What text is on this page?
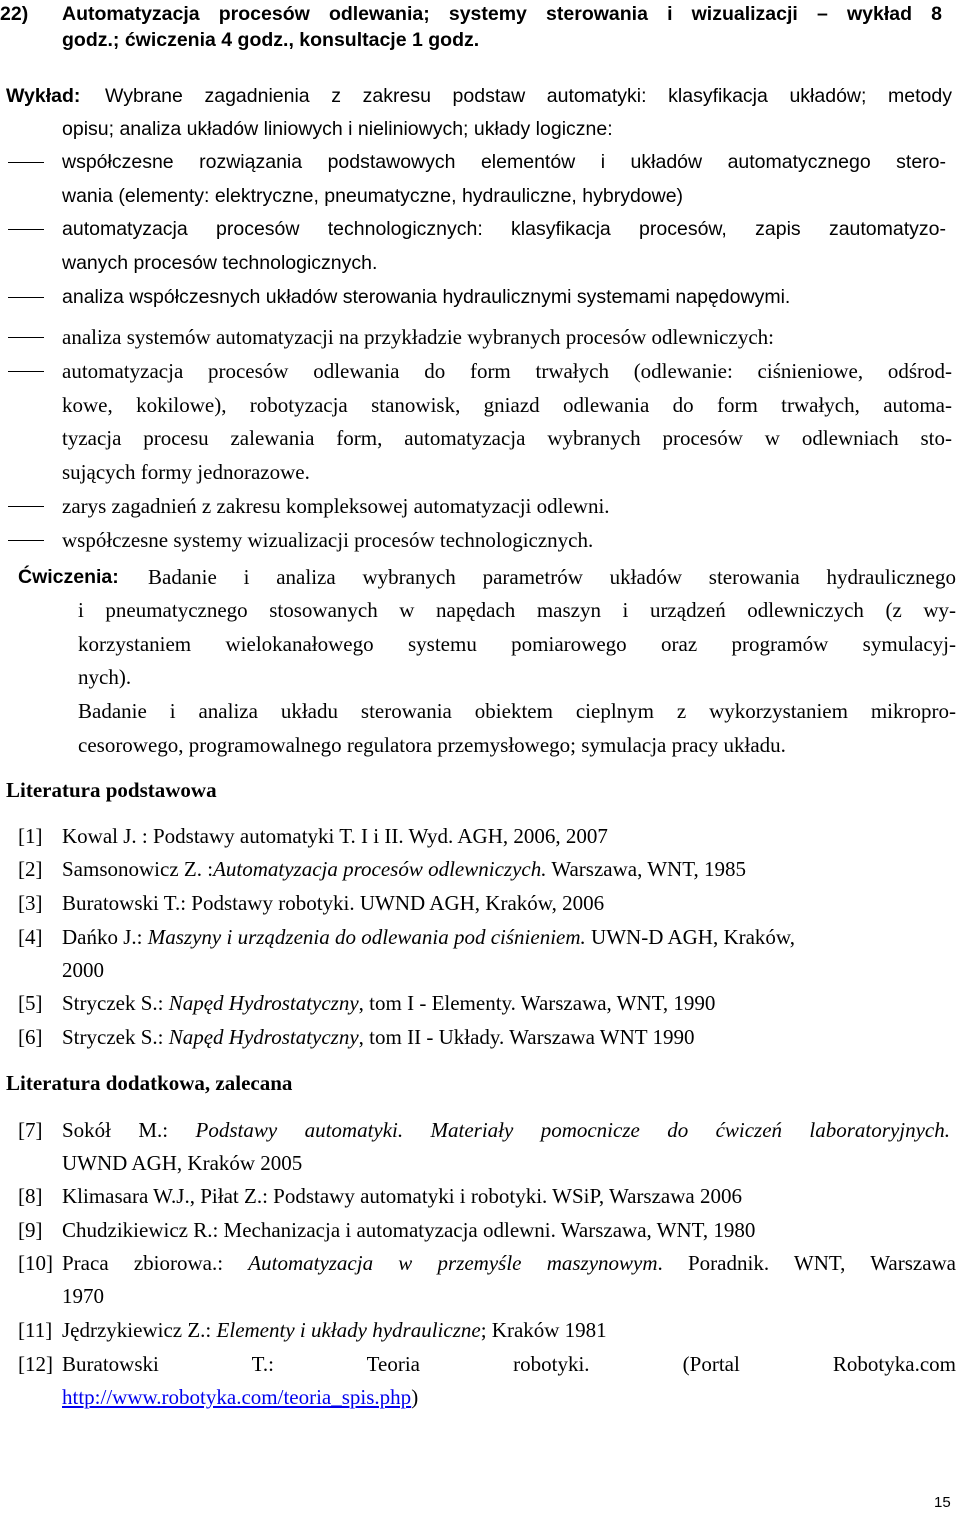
22) Automatyzacja procesów odlewania; systemy sterowania i wizualizacji – wykład 8
godz.; ćwiczenia 4 godz., konsultacje 1 godz.
Wykład: Wybrane zagadnienia z zakresu podstaw automatyki: klasyfikacja układów; metody
opisu; analiza układów liniowych i nieliniowych; układy logiczne:
współczesne rozwiązania podstawowych elementów i układów automatycznego stero-
wania (elementy: elektryczne, pneumatyczne, hydrauliczne, hybrydowe)
automatyzacja procesów technologicznych: klasyfikacja procesów, zapis zautomatyzo-
wanych procesów technologicznych.
analiza współczesnych układów sterowania hydraulicznymi systemami napędowymi.
analiza systemów automatyzacji na przykładzie wybranych procesów odlewniczych:
automatyzacja procesów odlewania do form trwałych (odlewanie: ciśnieniowe, odśrod-
kowe, kokilowe), robotyzacja stanowisk, gniazd odlewania do form trwałych, automa-
tyzacja procesu zalewania form, automatyzacja wybranych procesów w odlewniach sto-
sujących formy jednorazowe.
zarys zagadnień z zakresu kompleksowej automatyzacji odlewni.
współczesne systemy wizualizacji procesów technologicznych.
Ćwiczenia: Badanie i analiza wybranych parametrów układów sterowania hydraulicznego
i pneumatycznego stosowanych w napędach maszyn i urządzeń odlewniczych (z wy-
korzystaniem wielokanałowego systemu pomiarowego oraz programów symulacyj-
nych).
Badanie i analiza układu sterowania obiektem cieplnym z wykorzystaniem mikropro-
cesorowego, programowalnego regulatora przemysłowego; symulacja pracy układu.
Literatura podstawowa
[1] Kowal J. : Podstawy automatyki T. I i II. Wyd. AGH, 2006, 2007
[2] Samsonowicz Z. :Automatyzacja procesów odlewniczych. Warszawa, WNT, 1985
[3] Buratowski T.: Podstawy robotyki. UWND AGH, Kraków, 2006
[4] Dańko J.: Maszyny i urządzenia do odlewania pod ciśnieniem. UWN-D AGH, Kraków,
2000
[5] Stryczek S.: Napęd Hydrostatyczny, tom I - Elementy. Warszawa, WNT, 1990
[6] Stryczek S.: Napęd Hydrostatyczny, tom II - Układy. Warszawa WNT 1990
Literatura dodatkowa, zalecana
[7] Sokół M.: Podstawy automatyki. Materiały pomocnicze do ćwiczeń laboratoryjnych.
UWND AGH, Kraków 2005
[8] Klimasara W.J., Piłat Z.: Podstawy automatyki i robotyki. WSiP, Warszawa 2006
[9] Chudzikiewicz R.: Mechanizacja i automatyzacja odlewni. Warszawa, WNT, 1980
[10] Praca zbiorowa.: Automatyzacja w przemyśle maszynowym. Poradnik. WNT, Warszawa
1970
[11] Jędrzykiewicz Z.: Elementy i układy hydrauliczne; Kraków 1981
[12] Buratowski T.: Teoria robotyki. (Portal Robotyka.com
http://www.robotyka.com/teoria_spis.php)
15
